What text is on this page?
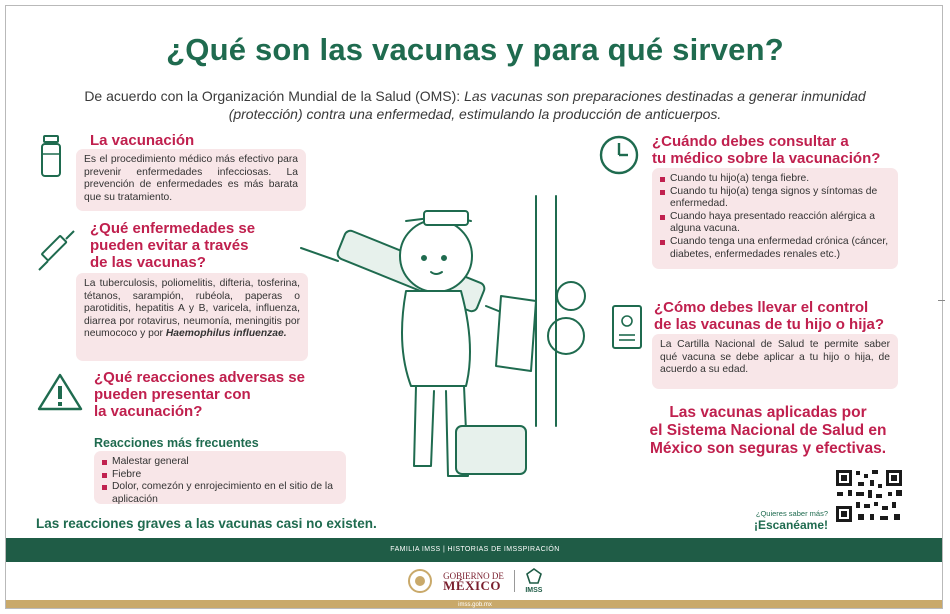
¿Qué son las vacunas y para qué sirven?
De acuerdo con la Organización Mundial de la Salud (OMS): Las vacunas son preparaciones destinadas a generar inmunidad (protección) contra una enfermedad, estimulando la producción de anticuerpos.
La vacunación
Es el procedimiento médico más efectivo para prevenir enfermedades infecciosas. La prevención de enfermedades es más barata que su tratamiento.
¿Qué enfermedades se
pueden evitar a través
de las vacunas?
La tuberculosis, poliomelitis, difteria, tosferina, tétanos, sarampión, rubéola, paperas o parotiditis, hepatitis A y B, varicela, influenza, diarrea por rotavirus, neumonía, meningitis por neumococo y por Haemophilus influenzae.
¿Qué reacciones adversas se
pueden presentar con
la vacunación?
Reacciones más frecuentes
Malestar general
Fiebre
Dolor, comezón y enrojecimiento en el sitio de la aplicación
Las reacciones graves a las vacunas casi no existen.
¿Cuándo debes consultar a
tu médico sobre la vacunación?
Cuando tu hijo(a) tenga fiebre.
Cuando tu hijo(a) tenga signos y síntomas de enfermedad.
Cuando haya presentado reacción alérgica a alguna vacuna.
Cuando tenga una enfermedad crónica (cáncer, diabetes, enfermedades renales etc.)
¿Cómo debes llevar el control
de las vacunas de tu hijo o hija?
La Cartilla Nacional de Salud te permite saber qué vacuna se debe aplicar a tu hijo o hija, de acuerdo a su edad.
Las vacunas aplicadas por
el Sistema Nacional de Salud en
México son seguras y efectivas.
¿Quieres saber más?
¡Escanéame!
FAMILIA IMSS | HISTORIAS DE IMSSPIRACIÓN
GOBIERNO DE
MÉXICO	IMSS
imss.gob.mx
